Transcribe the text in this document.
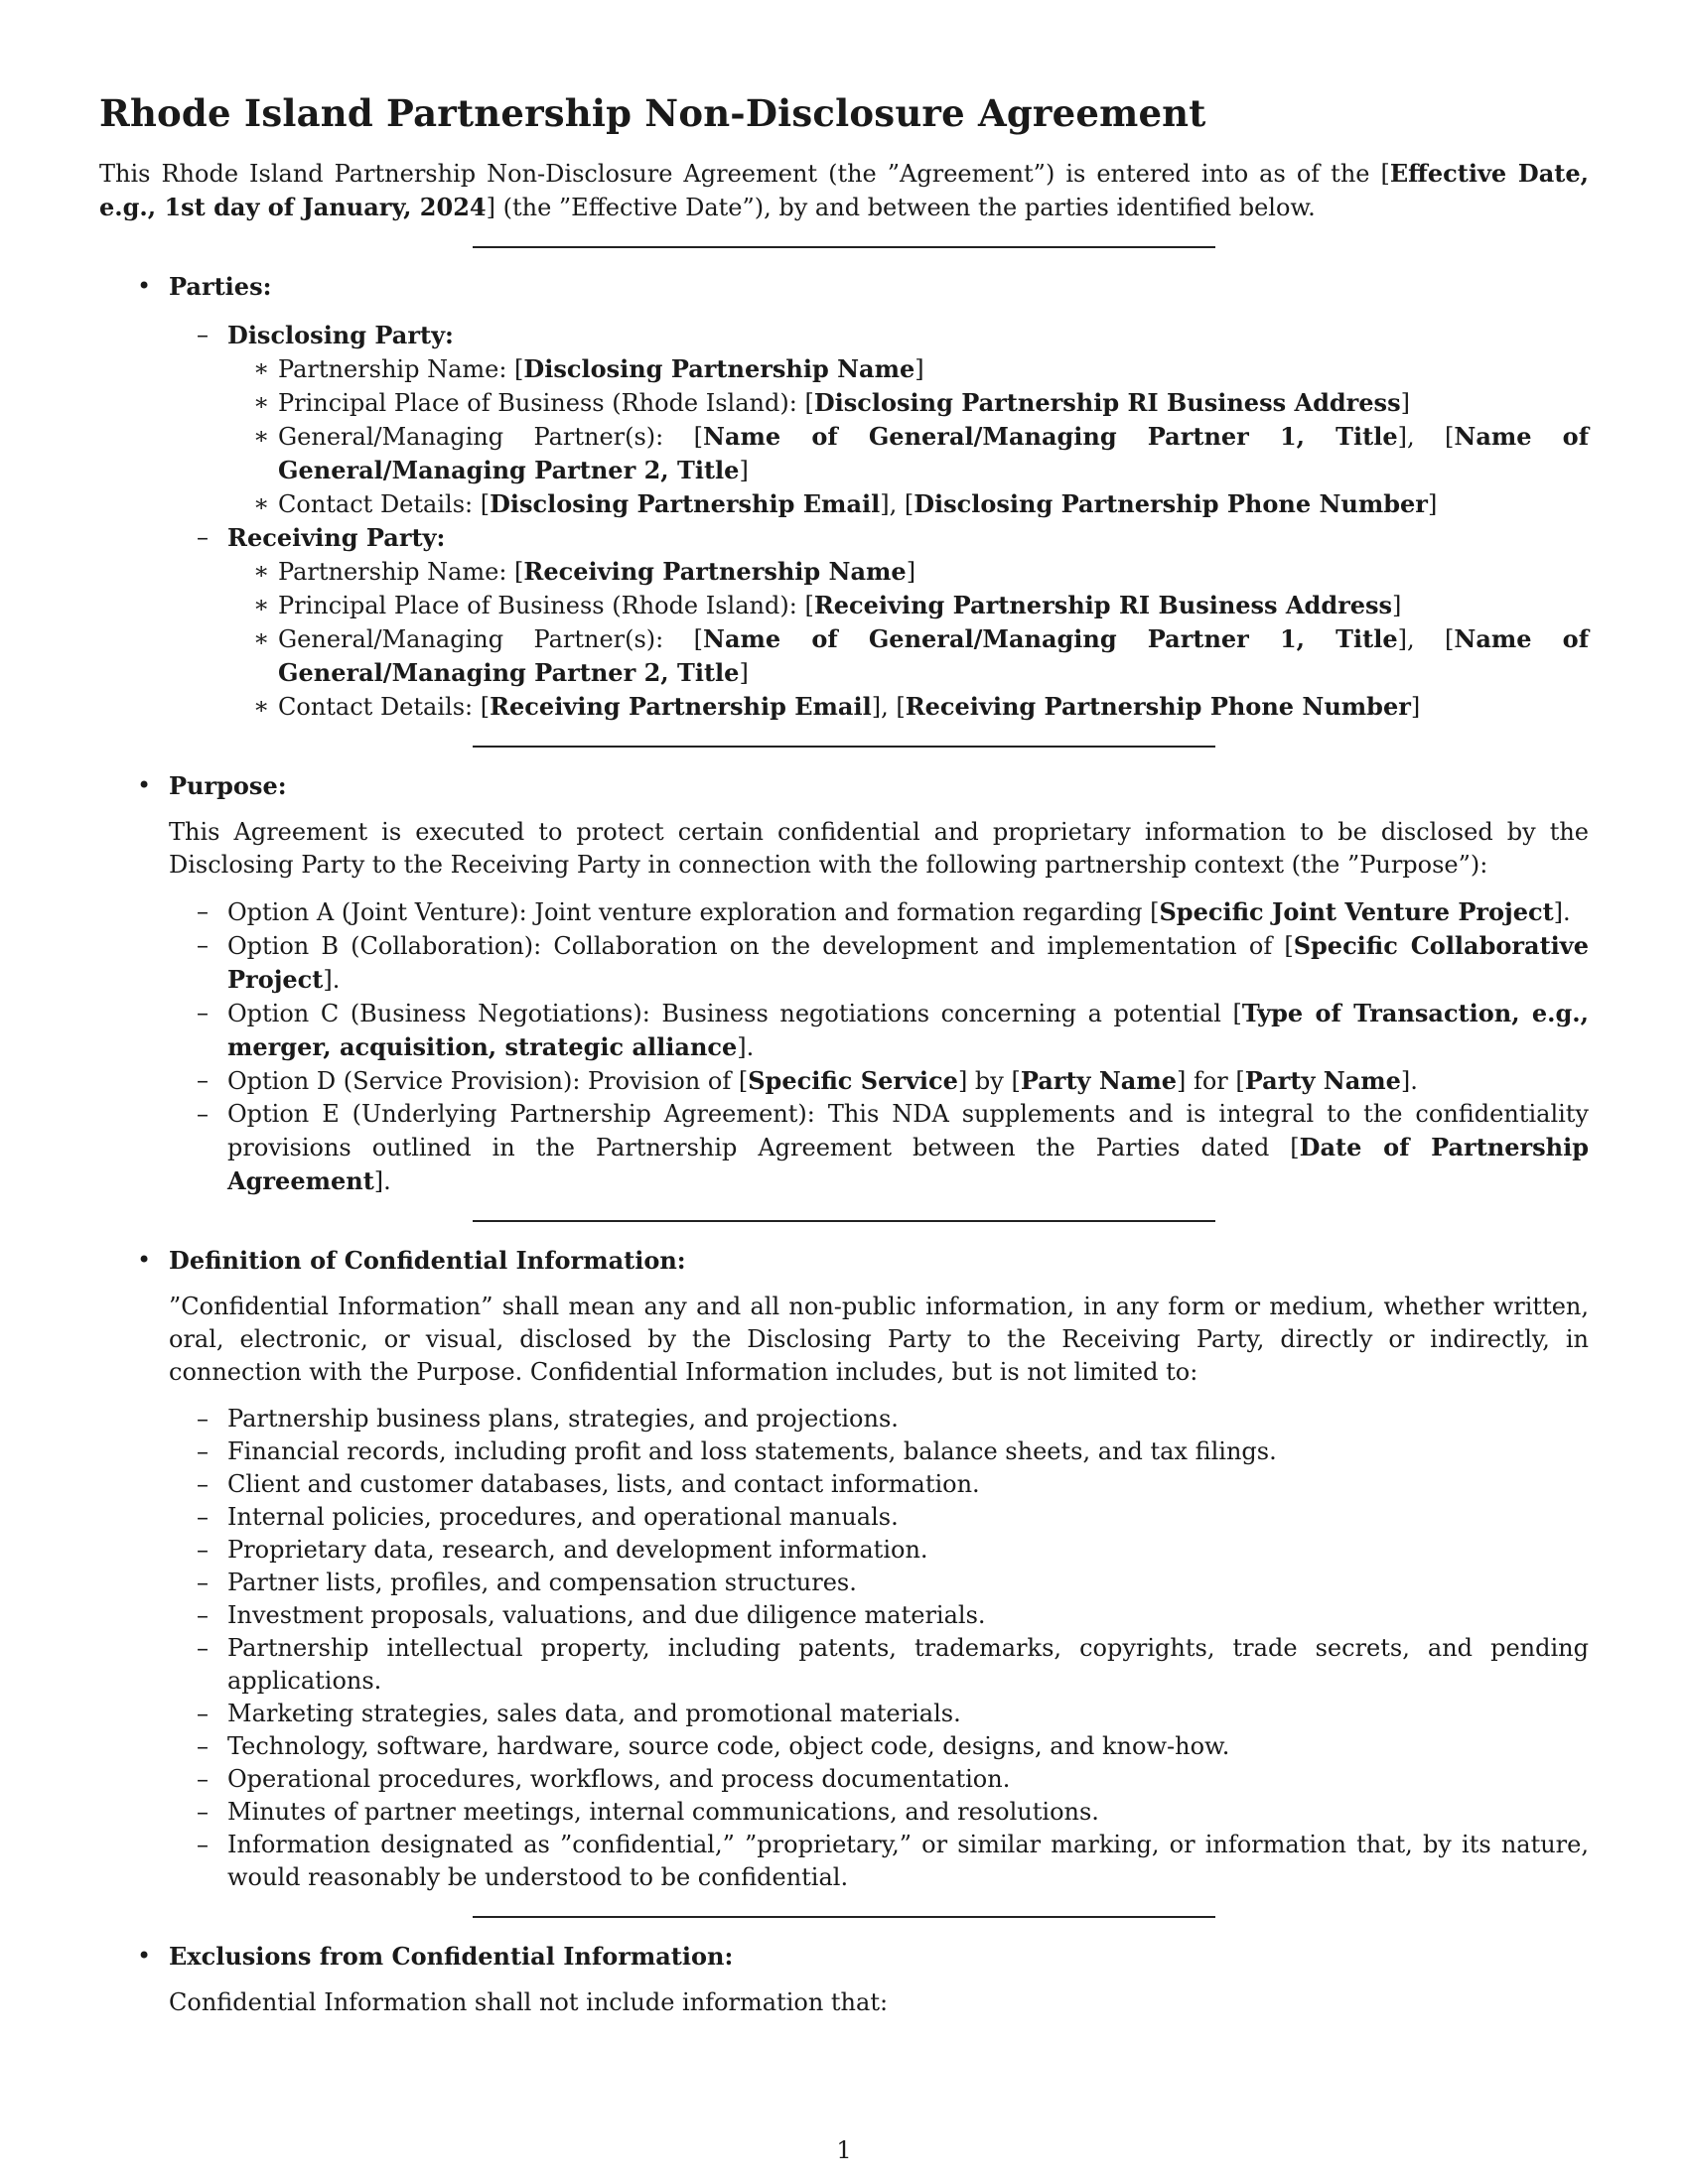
Rhode Island Partnership Non-Disclosure Agreement

This Rhode Island Partnership Non-Disclosure Agreement (the ”Agreement”) is entered into as of the [Effective Date, e.g., 1st day of January, 2024] (the ”Effective Date”), by and between the parties identified below.

• Parties:

– Disclosing Party:
∗ Partnership Name: [Disclosing Partnership Name]
∗ Principal Place of Business (Rhode Island): [Disclosing Partnership RI Business Address]
∗ General/Managing Partner(s): [Name of General/Managing Partner 1, Title], [Name of General/Managing Partner 2, Title]
∗ Contact Details: [Disclosing Partnership Email], [Disclosing Partnership Phone Number]
– Receiving Party:
∗ Partnership Name: [Receiving Partnership Name]
∗ Principal Place of Business (Rhode Island): [Receiving Partnership RI Business Address]
∗ General/Managing Partner(s): [Name of General/Managing Partner 1, Title], [Name of General/Managing Partner 2, Title]
∗ Contact Details: [Receiving Partnership Email], [Receiving Partnership Phone Number]
• Purpose:

This Agreement is executed to protect certain confidential and proprietary information to be disclosed by the Disclosing Party to the Receiving Party in connection with the following partnership context (the ”Purpose”):

– Option A (Joint Venture): Joint venture exploration and formation regarding [Specific Joint Venture Project].
– Option B (Collaboration): Collaboration on the development and implementation of [Specific Collaborative Project].
– Option C (Business Negotiations): Business negotiations concerning a potential [Type of Transaction, e.g., merger, acquisition, strategic alliance].
– Option D (Service Provision): Provision of [Specific Service] by [Party Name] for [Party Name].
– Option E (Underlying Partnership Agreement): This NDA supplements and is integral to the confidentiality provisions outlined in the Partnership Agreement between the Parties dated [Date of Partnership Agreement].
• Definition of Confidential Information:

”Confidential Information” shall mean any and all non-public information, in any form or medium, whether written, oral, electronic, or visual, disclosed by the Disclosing Party to the Receiving Party, directly or indirectly, in connection with the Purpose. Confidential Information includes, but is not limited to:

– Partnership business plans, strategies, and projections.
– Financial records, including profit and loss statements, balance sheets, and tax filings.
– Client and customer databases, lists, and contact information.
– Internal policies, procedures, and operational manuals.
– Proprietary data, research, and development information.
– Partner lists, profiles, and compensation structures.
– Investment proposals, valuations, and due diligence materials.
– Partnership intellectual property, including patents, trademarks, copyrights, trade secrets, and pending applications.
– Marketing strategies, sales data, and promotional materials.
– Technology, software, hardware, source code, object code, designs, and know-how.
– Operational procedures, workflows, and process documentation.
– Minutes of partner meetings, internal communications, and resolutions.
– Information designated as ”confidential,” ”proprietary,” or similar marking, or information that, by its nature, would reasonably be understood to be confidential.
• Exclusions from Confidential Information:

Confidential Information shall not include information that:

1
